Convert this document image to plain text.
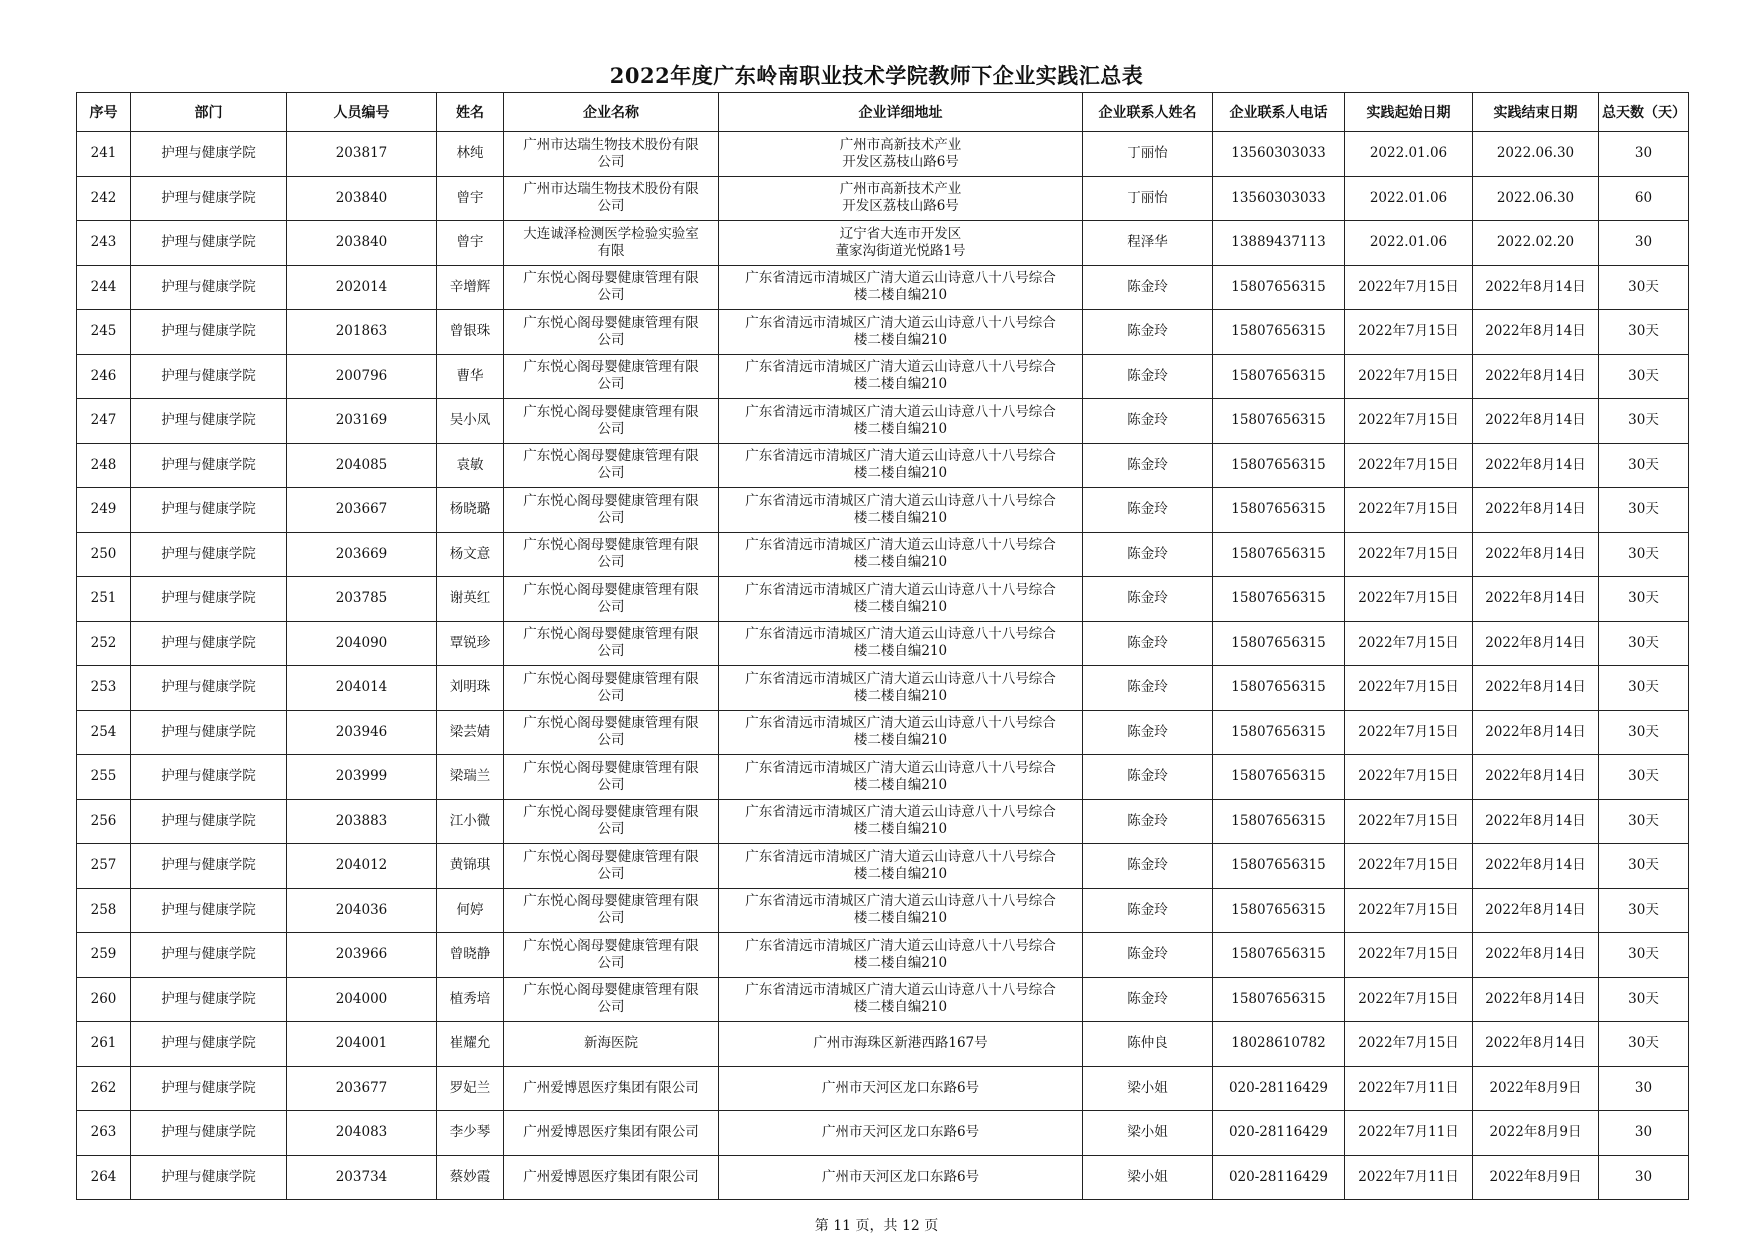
2022年度广东岭南职业技术学院教师下企业实践汇总表
序号	部门	人员编号	姓名	企业名称	企业详细地址	企业联系人姓名	企业联系人电话	实践起始日期	实践结束日期	总天数（天）
241	护理与健康学院	203817	林纯	广州市达瑞生物技术股份有限
公司	广州市高新技术产业
开发区荔枝山路6号	丁丽怡	13560303033	2022.01.06	2022.06.30	30
242	护理与健康学院	203840	曾宇	广州市达瑞生物技术股份有限
公司	广州市高新技术产业
开发区荔枝山路6号	丁丽怡	13560303033	2022.01.06	2022.06.30	60
243	护理与健康学院	203840	曾宇	大连诚泽检测医学检验实验室
有限	辽宁省大连市开发区
董家沟街道光悦路1号	程泽华	13889437113	2022.01.06	2022.02.20	30
244	护理与健康学院	202014	辛增辉	广东悦心阁母婴健康管理有限
公司	广东省清远市清城区广清大道云山诗意八十八号综合
楼二楼自编210	陈金玲	15807656315	2022年7月15日	2022年8月14日	30天
245	护理与健康学院	201863	曾银珠	广东悦心阁母婴健康管理有限
公司	广东省清远市清城区广清大道云山诗意八十八号综合
楼二楼自编210	陈金玲	15807656315	2022年7月15日	2022年8月14日	30天
246	护理与健康学院	200796	曹华	广东悦心阁母婴健康管理有限
公司	广东省清远市清城区广清大道云山诗意八十八号综合
楼二楼自编210	陈金玲	15807656315	2022年7月15日	2022年8月14日	30天
247	护理与健康学院	203169	吴小凤	广东悦心阁母婴健康管理有限
公司	广东省清远市清城区广清大道云山诗意八十八号综合
楼二楼自编210	陈金玲	15807656315	2022年7月15日	2022年8月14日	30天
248	护理与健康学院	204085	袁敏	广东悦心阁母婴健康管理有限
公司	广东省清远市清城区广清大道云山诗意八十八号综合
楼二楼自编210	陈金玲	15807656315	2022年7月15日	2022年8月14日	30天
249	护理与健康学院	203667	杨晓璐	广东悦心阁母婴健康管理有限
公司	广东省清远市清城区广清大道云山诗意八十八号综合
楼二楼自编210	陈金玲	15807656315	2022年7月15日	2022年8月14日	30天
250	护理与健康学院	203669	杨文意	广东悦心阁母婴健康管理有限
公司	广东省清远市清城区广清大道云山诗意八十八号综合
楼二楼自编210	陈金玲	15807656315	2022年7月15日	2022年8月14日	30天
251	护理与健康学院	203785	谢英红	广东悦心阁母婴健康管理有限
公司	广东省清远市清城区广清大道云山诗意八十八号综合
楼二楼自编210	陈金玲	15807656315	2022年7月15日	2022年8月14日	30天
252	护理与健康学院	204090	覃锐珍	广东悦心阁母婴健康管理有限
公司	广东省清远市清城区广清大道云山诗意八十八号综合
楼二楼自编210	陈金玲	15807656315	2022年7月15日	2022年8月14日	30天
253	护理与健康学院	204014	刘明珠	广东悦心阁母婴健康管理有限
公司	广东省清远市清城区广清大道云山诗意八十八号综合
楼二楼自编210	陈金玲	15807656315	2022年7月15日	2022年8月14日	30天
254	护理与健康学院	203946	梁芸婧	广东悦心阁母婴健康管理有限
公司	广东省清远市清城区广清大道云山诗意八十八号综合
楼二楼自编210	陈金玲	15807656315	2022年7月15日	2022年8月14日	30天
255	护理与健康学院	203999	梁瑞兰	广东悦心阁母婴健康管理有限
公司	广东省清远市清城区广清大道云山诗意八十八号综合
楼二楼自编210	陈金玲	15807656315	2022年7月15日	2022年8月14日	30天
256	护理与健康学院	203883	江小微	广东悦心阁母婴健康管理有限
公司	广东省清远市清城区广清大道云山诗意八十八号综合
楼二楼自编210	陈金玲	15807656315	2022年7月15日	2022年8月14日	30天
257	护理与健康学院	204012	黄锦琪	广东悦心阁母婴健康管理有限
公司	广东省清远市清城区广清大道云山诗意八十八号综合
楼二楼自编210	陈金玲	15807656315	2022年7月15日	2022年8月14日	30天
258	护理与健康学院	204036	何婷	广东悦心阁母婴健康管理有限
公司	广东省清远市清城区广清大道云山诗意八十八号综合
楼二楼自编210	陈金玲	15807656315	2022年7月15日	2022年8月14日	30天
259	护理与健康学院	203966	曾晓静	广东悦心阁母婴健康管理有限
公司	广东省清远市清城区广清大道云山诗意八十八号综合
楼二楼自编210	陈金玲	15807656315	2022年7月15日	2022年8月14日	30天
260	护理与健康学院	204000	植秀培	广东悦心阁母婴健康管理有限
公司	广东省清远市清城区广清大道云山诗意八十八号综合
楼二楼自编210	陈金玲	15807656315	2022年7月15日	2022年8月14日	30天
261	护理与健康学院	204001	崔耀允	新海医院	广州市海珠区新港西路167号	陈仲良	18028610782	2022年7月15日	2022年8月14日	30天
262	护理与健康学院	203677	罗妃兰	广州爱博恩医疗集团有限公司	广州市天河区龙口东路6号	梁小姐	020-28116429	2022年7月11日	2022年8月9日	30
263	护理与健康学院	204083	李少琴	广州爱博恩医疗集团有限公司	广州市天河区龙口东路6号	梁小姐	020-28116429	2022年7月11日	2022年8月9日	30
264	护理与健康学院	203734	蔡妙霞	广州爱博恩医疗集团有限公司	广州市天河区龙口东路6号	梁小姐	020-28116429	2022年7月11日	2022年8月9日	30
第 11 页，共 12 页
